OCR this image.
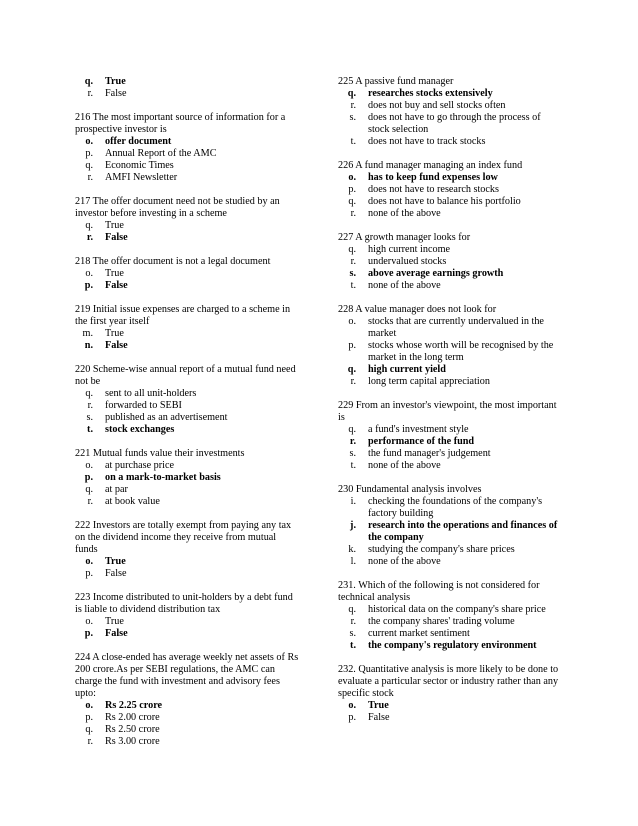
q.	True
r.	False
216 The most important source of information for a prospective investor is
o.	offer document
p.	Annual Report of the AMC
q.	Economic Times
r.	AMFI Newsletter
217 The offer document need not be studied by an investor before investing in a scheme
q.	True
r.	False
218 The offer document is not a legal document
o.	True
p.	False
219 Initial issue expenses are charged to a scheme in the first year itself
m.	True
n.	False
220 Scheme-wise annual report of a mutual fund need not be
q.	sent to all unit-holders
r.	forwarded to SEBI
s.	published as an advertisement
t.	stock exchanges
221 Mutual funds value their investments
o.	at purchase price
p.	on a mark-to-market basis
q.	at par
r.	at book value
222 Investors are totally exempt from paying any tax on the dividend income they receive from mutual funds
o.	True
p.	False
223 Income distributed to unit-holders by a debt fund is liable to dividend distribution tax
o.	True
p.	False
224 A close-ended has average weekly net assets of Rs 200 crore.As per SEBI regulations, the AMC can charge the fund with investment and advisory fees upto:
o.	Rs 2.25 crore
p.	Rs 2.00 crore
q.	Rs 2.50 crore
r.	Rs 3.00 crore
225 A passive fund manager
q.	researches stocks extensively
r.	does not buy and sell stocks often
s.	does not have to go through the process of stock selection
t.	does not have to track stocks
226 A fund manager managing an index fund
o.	has to keep fund expenses low
p.	does not have to research stocks
q.	does not have to balance his portfolio
r.	none of the above
227 A growth manager looks for
q.	high current income
r.	undervalued stocks
s.	above average earnings growth
t.	none of the above
228 A value manager does not look for
o.	stocks that are currently undervalued in the market
p.	stocks whose worth will be recognised by the market in the long term
q.	high current yield
r.	long term capital appreciation
229 From an investor's viewpoint, the most important is
q.	a fund's investment style
r.	performance of the fund
s.	the fund manager's judgement
t.	none of the above
230 Fundamental analysis involves
i.	checking the foundations of the company's factory building
j.	research into the operations and finances of the company
k.	studying the company's share prices
l.	none of the above
231. Which of the following is not considered for technical analysis
q.	historical data on the company's share price
r.	the company shares' trading volume
s.	current market sentiment
t.	the company's regulatory environment
232. Quantitative analysis is more likely to be done to evaluate a particular sector or industry rather than any specific stock
o.	True
p.	False
